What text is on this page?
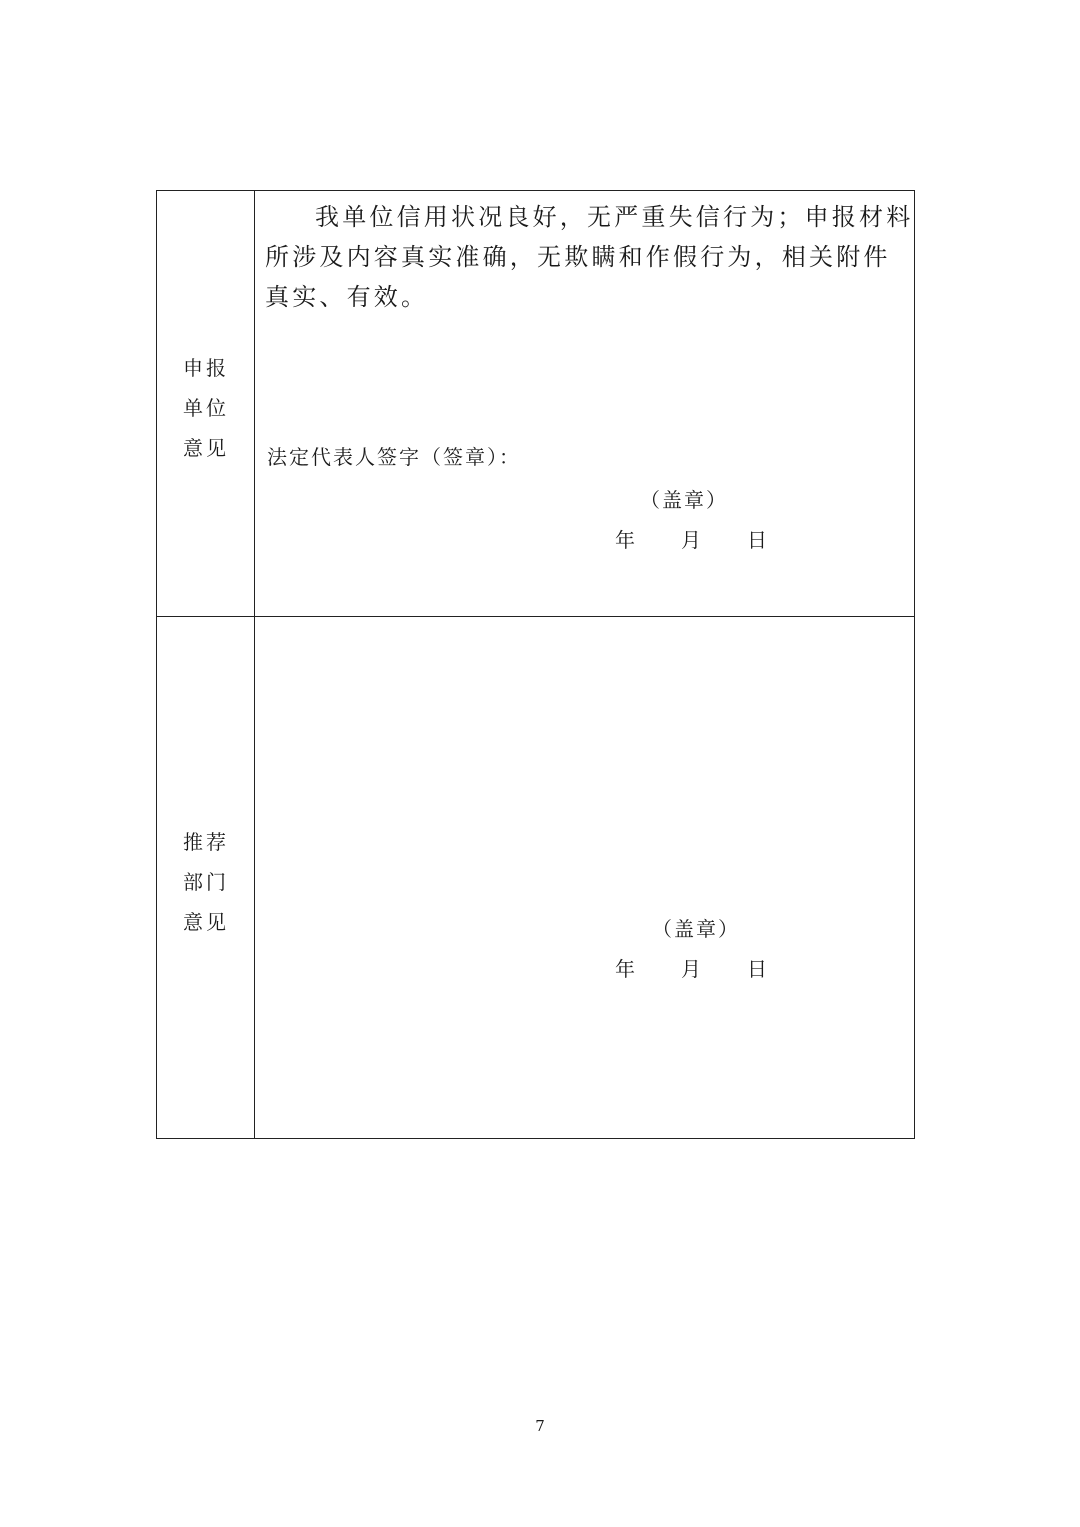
申报
单位
意见

我单位信用状况良好，无严重失信行为；申报材料所涉及内容真实准确，无欺瞒和作假行为，相关附件真实、有效。

法定代表人签字（签章）：
（盖章）
年 月 日
推荐
部门
意见	（盖章）
年 月 日
7
